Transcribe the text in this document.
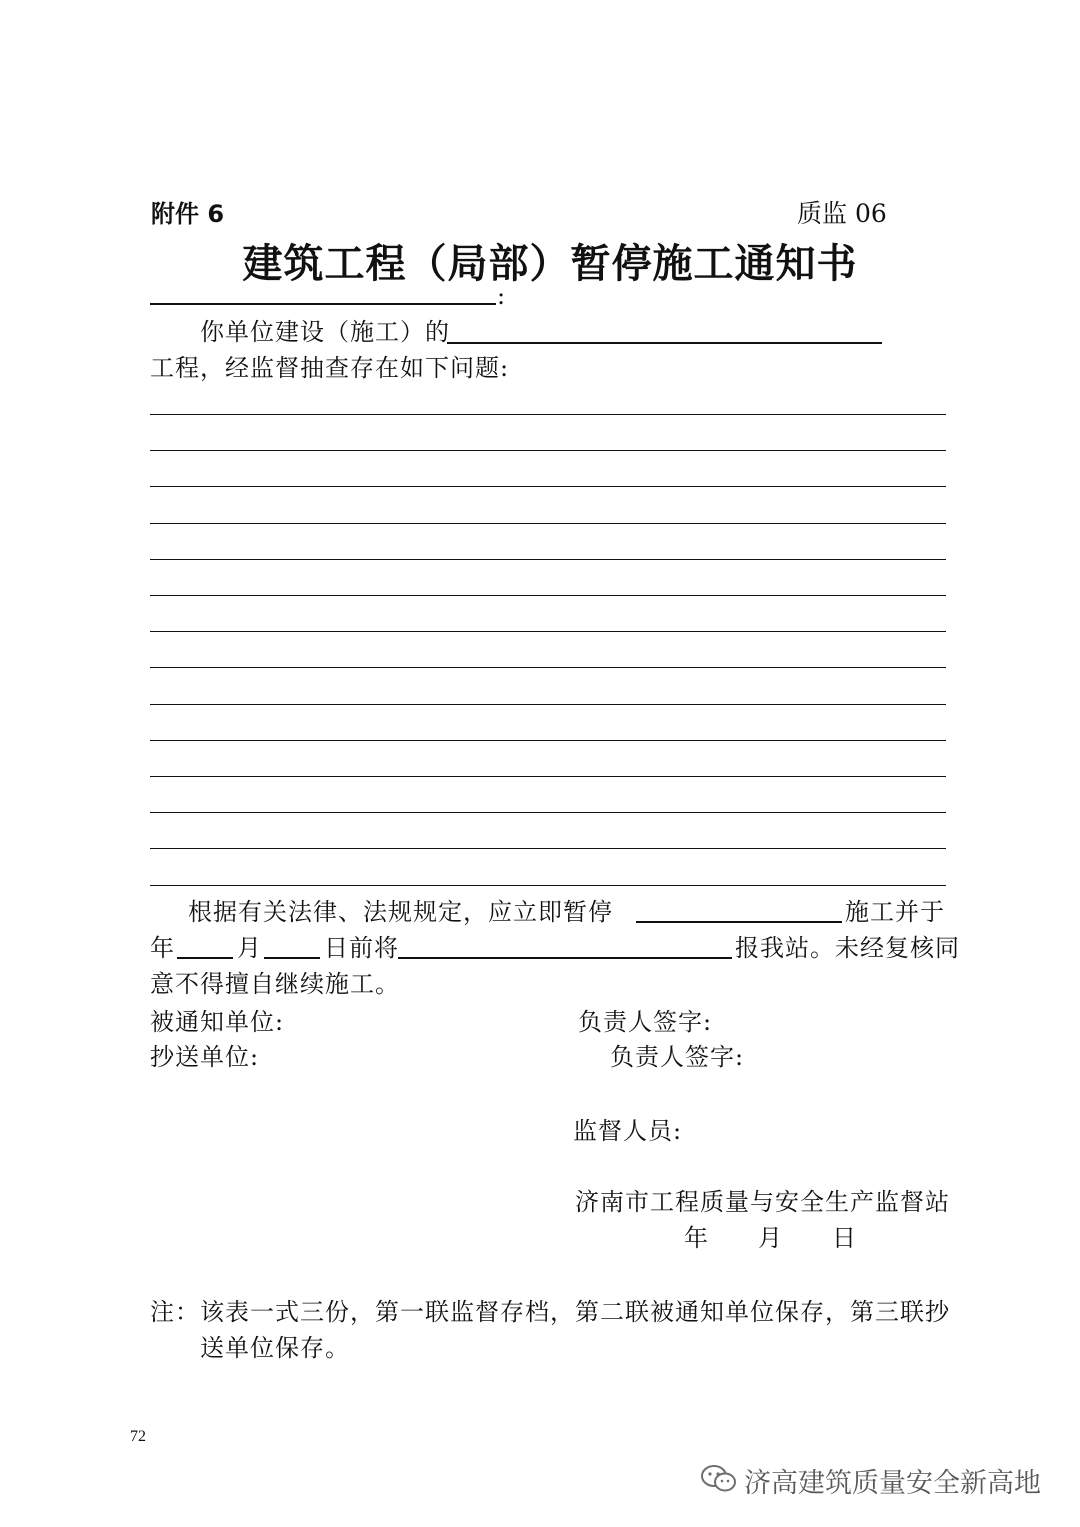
附件 6	质监 06
建筑工程（局部）暂停施工通知书
:
你单位建设（施工）的
工程，经监督抽查存在如下问题:
根据有关法律、法规规定，应立即暂停	施工并于
年	月	日前将	报我站。未经复核同
意不得擅自继续施工。
被通知单位:	负责人签字:
抄送单位:	负责人签字:
监督人员:
济南市工程质量与安全生产监督站
年 月 日
注：该表一式三份，第一联监督存档，第二联被通知单位保存，第三联抄
送单位保存。
72
济高建筑质量安全新高地
